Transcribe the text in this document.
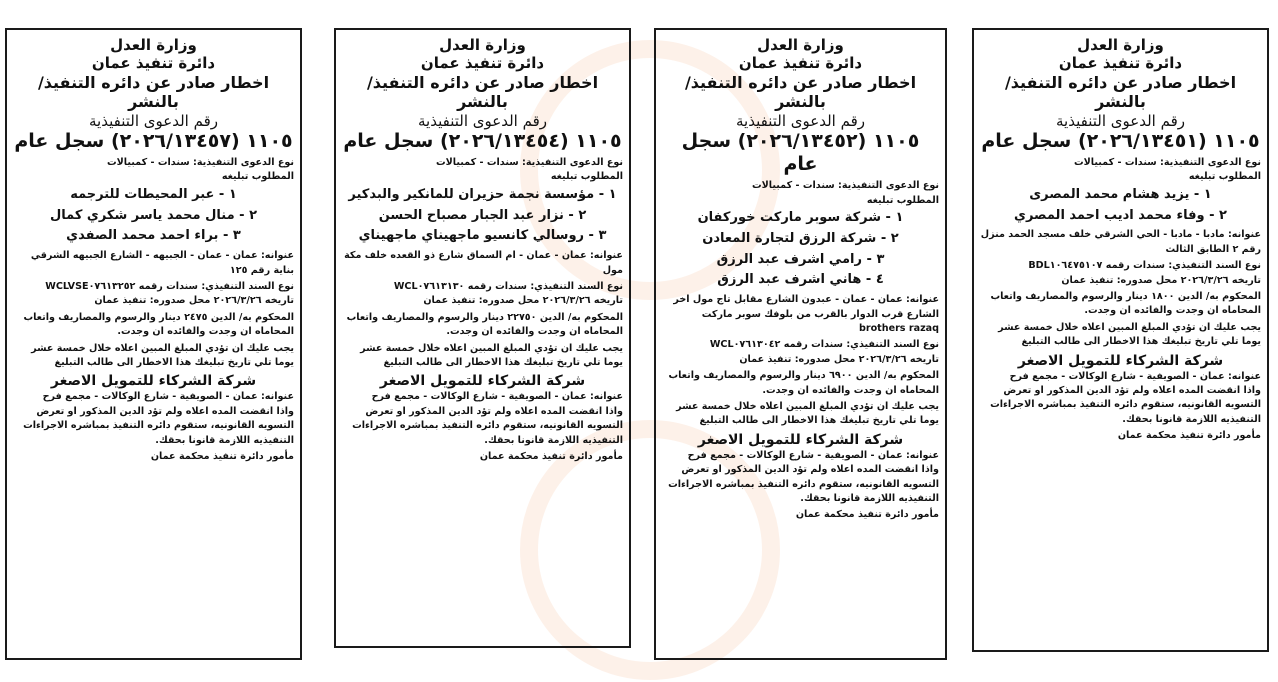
وزارة العدل
دائرة تنفيذ عمان
اخطار صادر عن دائره التنفيذ/ بالنشر
رقم الدعوى التنفيذية
١١٠٥ (٢٠٢٦/١٣٤٥٧) سجل عام
نوع الدعوى التنفيذية: سندات - كمبيالات
المطلوب تبليغه
١ - عبر المحيطات للترجمه
٢ - منال محمد ياسر شكري كمال
٣ - براء احمد محمد الصفدي
عنوانه: عمان - عمان - الجبيهه - الشارع الجبيهه الشرقي بناية رقم ١٢٥
نوع السند التنفيذي: سندات رقمه WCLVSE٠٧٦١٣٢٥٢
تاريخه ٢٠٢٦/٣/٢٦ محل صدوره: تنفيذ عمان
المحكوم به/ الدين ٢٤٧٥ دينار والرسوم والمصاريف واتعاب المحاماه ان وجدت والفائده ان وجدت.
يجب عليك ان تؤدي المبلغ المبين اعلاه خلال خمسة عشر يوما تلي تاريخ تبليغك هذا الاخطار الى طالب التبليغ
شركة الشركاء للتمويل الاصغر
عنوانه: عمان - الصويفية - شارع الوكالات - مجمع فرح
واذا انقضت المده اعلاه ولم تؤد الدين المذكور او تعرض التسويه القانونيه، ستقوم دائره التنفيذ بمباشره الاجراءات التنفيذيه اللازمة قانونا بحقك.
مأمور دائرة تنفيذ محكمة عمان
وزارة العدل
دائرة تنفيذ عمان
اخطار صادر عن دائره التنفيذ/ بالنشر
رقم الدعوى التنفيذية
١١٠٥ (٢٠٢٦/١٣٤٥٤) سجل عام
نوع الدعوى التنفيذية: سندات - كمبيالات
المطلوب تبليغه
١ - مؤسسة نجمة حزيران للمانكير والبدكير
٢ - نزار عبد الجبار مصباح الحسن
٣ - روسالي كانسيو ماجهيناي ماجهيناي
عنوانه: عمان - عمان - ام السماق شارع ذو القعده خلف مكة مول
نوع السند التنفيذي: سندات رقمه WCL٠٧٦١٣١٣٠
تاريخه ٢٠٢٦/٣/٢٦ محل صدوره: تنفيذ عمان
المحكوم به/ الدين ٢٢٧٥٠ دينار والرسوم والمصاريف واتعاب المحاماه ان وجدت والفائده ان وجدت.
يجب عليك ان تؤدي المبلغ المبين اعلاه خلال خمسة عشر يوما تلي تاريخ تبليغك هذا الاخطار الى طالب التبليغ
شركة الشركاء للتمويل الاصغر
عنوانه: عمان - الصويفية - شارع الوكالات - مجمع فرح
واذا انقضت المده اعلاه ولم تؤد الدين المذكور او تعرض التسويه القانونيه، ستقوم دائره التنفيذ بمباشره الاجراءات التنفيذيه اللازمة قانونا بحقك.
مأمور دائرة تنفيذ محكمة عمان
وزارة العدل
دائرة تنفيذ عمان
اخطار صادر عن دائره التنفيذ/ بالنشر
رقم الدعوى التنفيذية
١١٠٥ (٢٠٢٦/١٣٤٥٢) سجل عام
نوع الدعوى التنفيذية: سندات - كمبيالات
المطلوب تبليغه
١ - شركة سوبر ماركت خوركفان
٢ - شركة الرزق لتجارة المعادن
٣ - رامي اشرف عبد الرزق
٤ - هاني اشرف عبد الرزق
عنوانه: عمان - عمان - عبدون الشارع مقابل تاج مول اخر الشارع قرب الدوار بالقرب من بلوفك سوبر ماركت brothers razaq
نوع السند التنفيذي: سندات رقمه WCL٠٧٦١٣٠٤٢
تاريخه ٢٠٢٦/٣/٢٦ محل صدوره: تنفيذ عمان
المحكوم به/ الدين ٦٩٠٠ دينار والرسوم والمصاريف واتعاب المحاماه ان وجدت والفائده ان وجدت.
يجب عليك ان تؤدي المبلغ المبين اعلاه خلال خمسة عشر يوما تلي تاريخ تبليغك هذا الاخطار الى طالب التبليغ
شركة الشركاء للتمويل الاصغر
عنوانه: عمان - الصويفية - شارع الوكالات - مجمع فرح
واذا انقضت المده اعلاه ولم تؤد الدين المذكور او تعرض التسويه القانونيه، ستقوم دائره التنفيذ بمباشره الاجراءات التنفيذيه اللازمة قانونا بحقك.
مأمور دائرة تنفيذ محكمة عمان
وزارة العدل
دائرة تنفيذ عمان
اخطار صادر عن دائره التنفيذ/ بالنشر
رقم الدعوى التنفيذية
١١٠٥ (٢٠٢٦/١٣٤٥١) سجل عام
نوع الدعوى التنفيذية: سندات - كمبيالات
المطلوب تبليغه
١ - يزيد هشام محمد المصرى
٢ - وفاء محمد اديب احمد المصري
عنوانه: مادبا - مادبا - الحي الشرقي خلف مسجد الحمد منزل رقم ٢ الطابق الثالث
نوع السند التنفيذي: سندات رقمه BDL١٠٦٤٧٥١٠٧
تاريخه ٢٠٢٦/٣/٢٦ محل صدوره: تنفيذ عمان
المحكوم به/ الدين ١٨٠٠ دينار والرسوم والمصاريف واتعاب المحاماه ان وجدت والفائده ان وجدت.
يجب عليك ان تؤدي المبلغ المبين اعلاه خلال خمسة عشر يوما تلي تاريخ تبليغك هذا الاخطار الى طالب التبليغ
شركة الشركاء للتمويل الاصغر
عنوانه: عمان - الصويفية - شارع الوكالات - مجمع فرح
واذا انقضت المده اعلاه ولم تؤد الدين المذكور او تعرض التسويه القانونيه، ستقوم دائره التنفيذ بمباشره الاجراءات التنفيذيه اللازمة قانونا بحقك.
مأمور دائرة تنفيذ محكمة عمان
